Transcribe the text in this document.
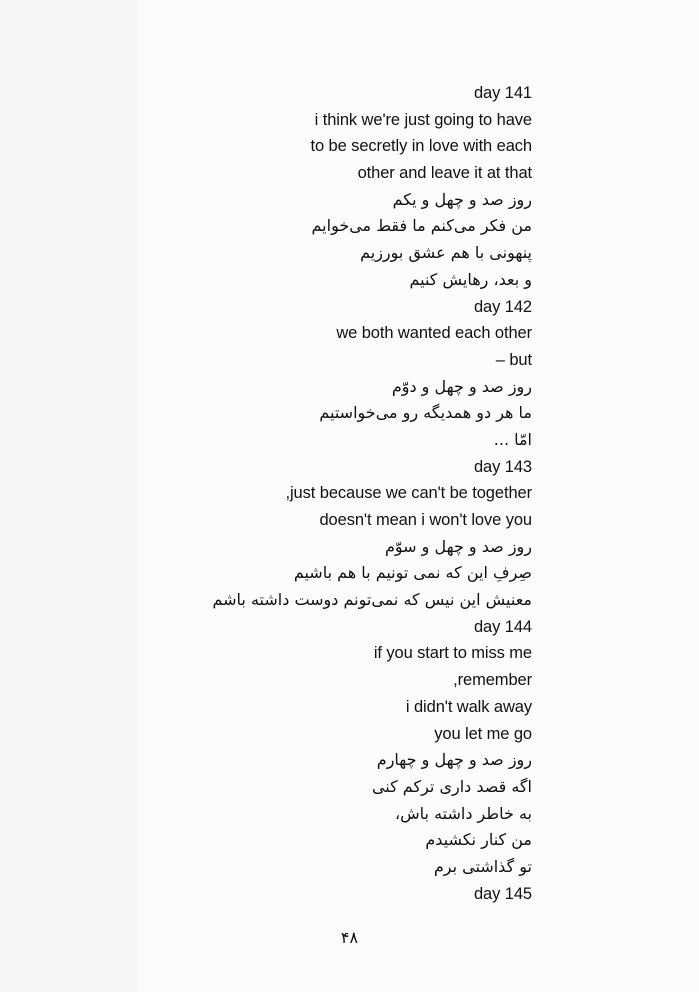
day 141
i think we're just going to have
to be secretly in love with each
other and leave it at that
روز صد و چهل و یکم
من فکر می‌کنم ما فقط می‌خوایم
پنهونی با هم عشق بورزیم
و بعد، رهایش کنیم
day 142
we both wanted each other
– but
روز صد و چهل و دوّم
ما هر دو همدیگه رو می‌خواستیم
امّا ...
day 143
,just because we can't be together
doesn't mean i won't love you
روز صد و چهل و سوّم
صِرفِ این که نمی تونیم با هم باشیم
معنیش این نیس که نمی‌تونم دوست داشته باشم
day 144
if you start to miss me
,remember
i didn't walk away
you let me go
روز صد و چهل و چهارم
اگه قصد داری ترکم کنی
به خاطر داشته باش،
من کنار نکشیدم
تو گذاشتی برم
day 145
۴۸
